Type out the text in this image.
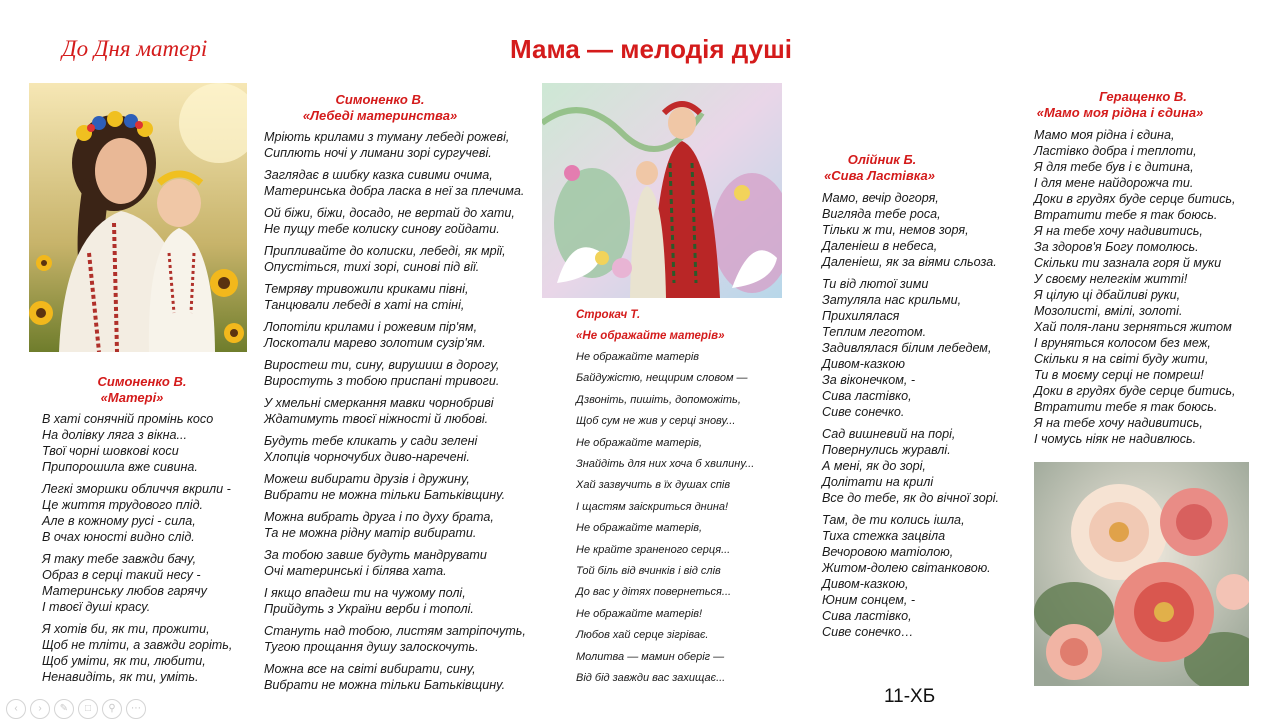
До Дня матері	Мама — мелодія душі
Симоненко В.
«Матері»
В хаті сонячній промінь косо
На долівку ляга з вікна...
Твої чорні шовкові коси
Припорошила вже сивина.
Легкі зморшки обличчя вкрили -
Це життя трудового плід.
Але в кожному русі - сила,
В очах юності видно слід.
Я таку тебе завжди бачу,
Образ в серці такий несу -
Материнську любов гарячу
І твоєї душі красу.
Я хотів би, як ти, прожити,
Щоб не тліти, а завжди горіть,
Щоб уміти, як ти, любити,
Ненавидіть, як ти, уміть.
Симоненко В.
«Лебеді материнства»
Мріють крилами з туману лебеді рожеві,
Сиплють ночі у лимани зорі сургучеві.
Заглядає в шибку казка сивими очима,
Материнська добра ласка в неї за плечима.
Ой біжи, біжи, досадо, не вертай до хати,
Не пущу тебе колиску синову гойдати.
Припливайте до колиски, лебеді, як мрії,
Опустіться, тихі зорі, синові під вії.
Темряву тривожили криками півні,
Танцювали лебеді в хаті на стіні,
Лопотіли крилами і рожевим пір'ям,
Лоскотали марево золотим сузір'ям.
Виростеш ти, сину, вирушиш в дорогу,
Виростуть з тобою приспані тривоги.
У хмельні смеркання мавки чорнобриві
Ждатимуть твоєї ніжності й любові.
Будуть тебе кликать у сади зелені
Хлопців чорночубих диво-наречені.
Можеш вибирати друзів і дружину,
Вибрати не можна тільки Батьківщину.
Можна вибрать друга і по духу брата,
Та не можна рідну матір вибирати.
За тобою завше будуть мандрувати
Очі материнські і білява хата.
І якщо впадеш ти на чужому полі,
Прийдуть з України верби і тополі.
Стануть над тобою, листям затріпочуть,
Тугою прощання душу залоскочуть.
Можна все на світі вибирати, сину,
Вибрати не можна тільки Батьківщину.
Строкач Т.
«Не ображайте матерів»
Не ображайте матерів
Байдужістю, нещирим словом —
Дзвоніть, пишіть, допоможіть,
Щоб сум не жив у серці знову...
Не ображайте матерів,
Знайдіть для них хоча б хвилину...
Хай зазвучить в їх душах спів
І щастям заіскриться днина!
Не ображайте матерів,
Не крайте зраненого серця...
Той біль від вчинків і від слів
До вас у дітях повернеться...
Не ображайте матерів!
Любов хай серце зігріває.
Молитва — мамин оберіг —
Від бід завжди вас захищає...
Олійник Б.
«Сива Ластівка»
Мамо, вечір догоря,
Вигляда тебе роса,
Тільки ж ти, немов зоря,
Даленіеш в небеса,
Даленіеш, як за віями сльоза.
Ти від лютої зими
Затуляла нас крильми,
Прихилялася
Теплим леготом.
Задивлялася білим лебедем,
Дивом-казкою
За віконечком, -
Сива ластівко,
Сиве сонечко.
Сад вишневий на порі,
Повернулись журавлі.
А мені, як до зорі,
Долітати на крилі
Все до тебе, як до вічної зорі.
Там, де ти колись ішла,
Тиха стежка зацвіла
Вечоровою матіолою,
Житом-долею світанковою.
Дивом-казкою,
Юним сонцем, -
Сива ластівко,
Сиве сонечко…
Геращенко В.
«Мамо моя рідна і єдина»
Мамо моя рідна і єдина,
Ластівко добра і теплоти,
Я для тебе був і є дитина,
І для мене найдорожча ти.
Доки в грудях буде серце битись,
Втратити тебе я так боюсь.
Я на тебе хочу надивитись,
За здоров'я Богу помолюсь.
Скільки ти зазнала горя й муки
У своєму нелегкім житті!
Я цілую ці дбайливі руки,
Мозолисті, вмілі, золоті.
Хай поля-лани зерняться житом
І вруняться колосом без меж,
Скільки я на світі буду жити,
Ти в моєму серці не помреш!
Доки в грудях буде серце битись,
Втратити тебе я так боюсь.
Я на тебе хочу надивитись,
І чомусь ніяк не надивлюсь.
11-ХБ
‹	›	✎	□	⚲	⋯
